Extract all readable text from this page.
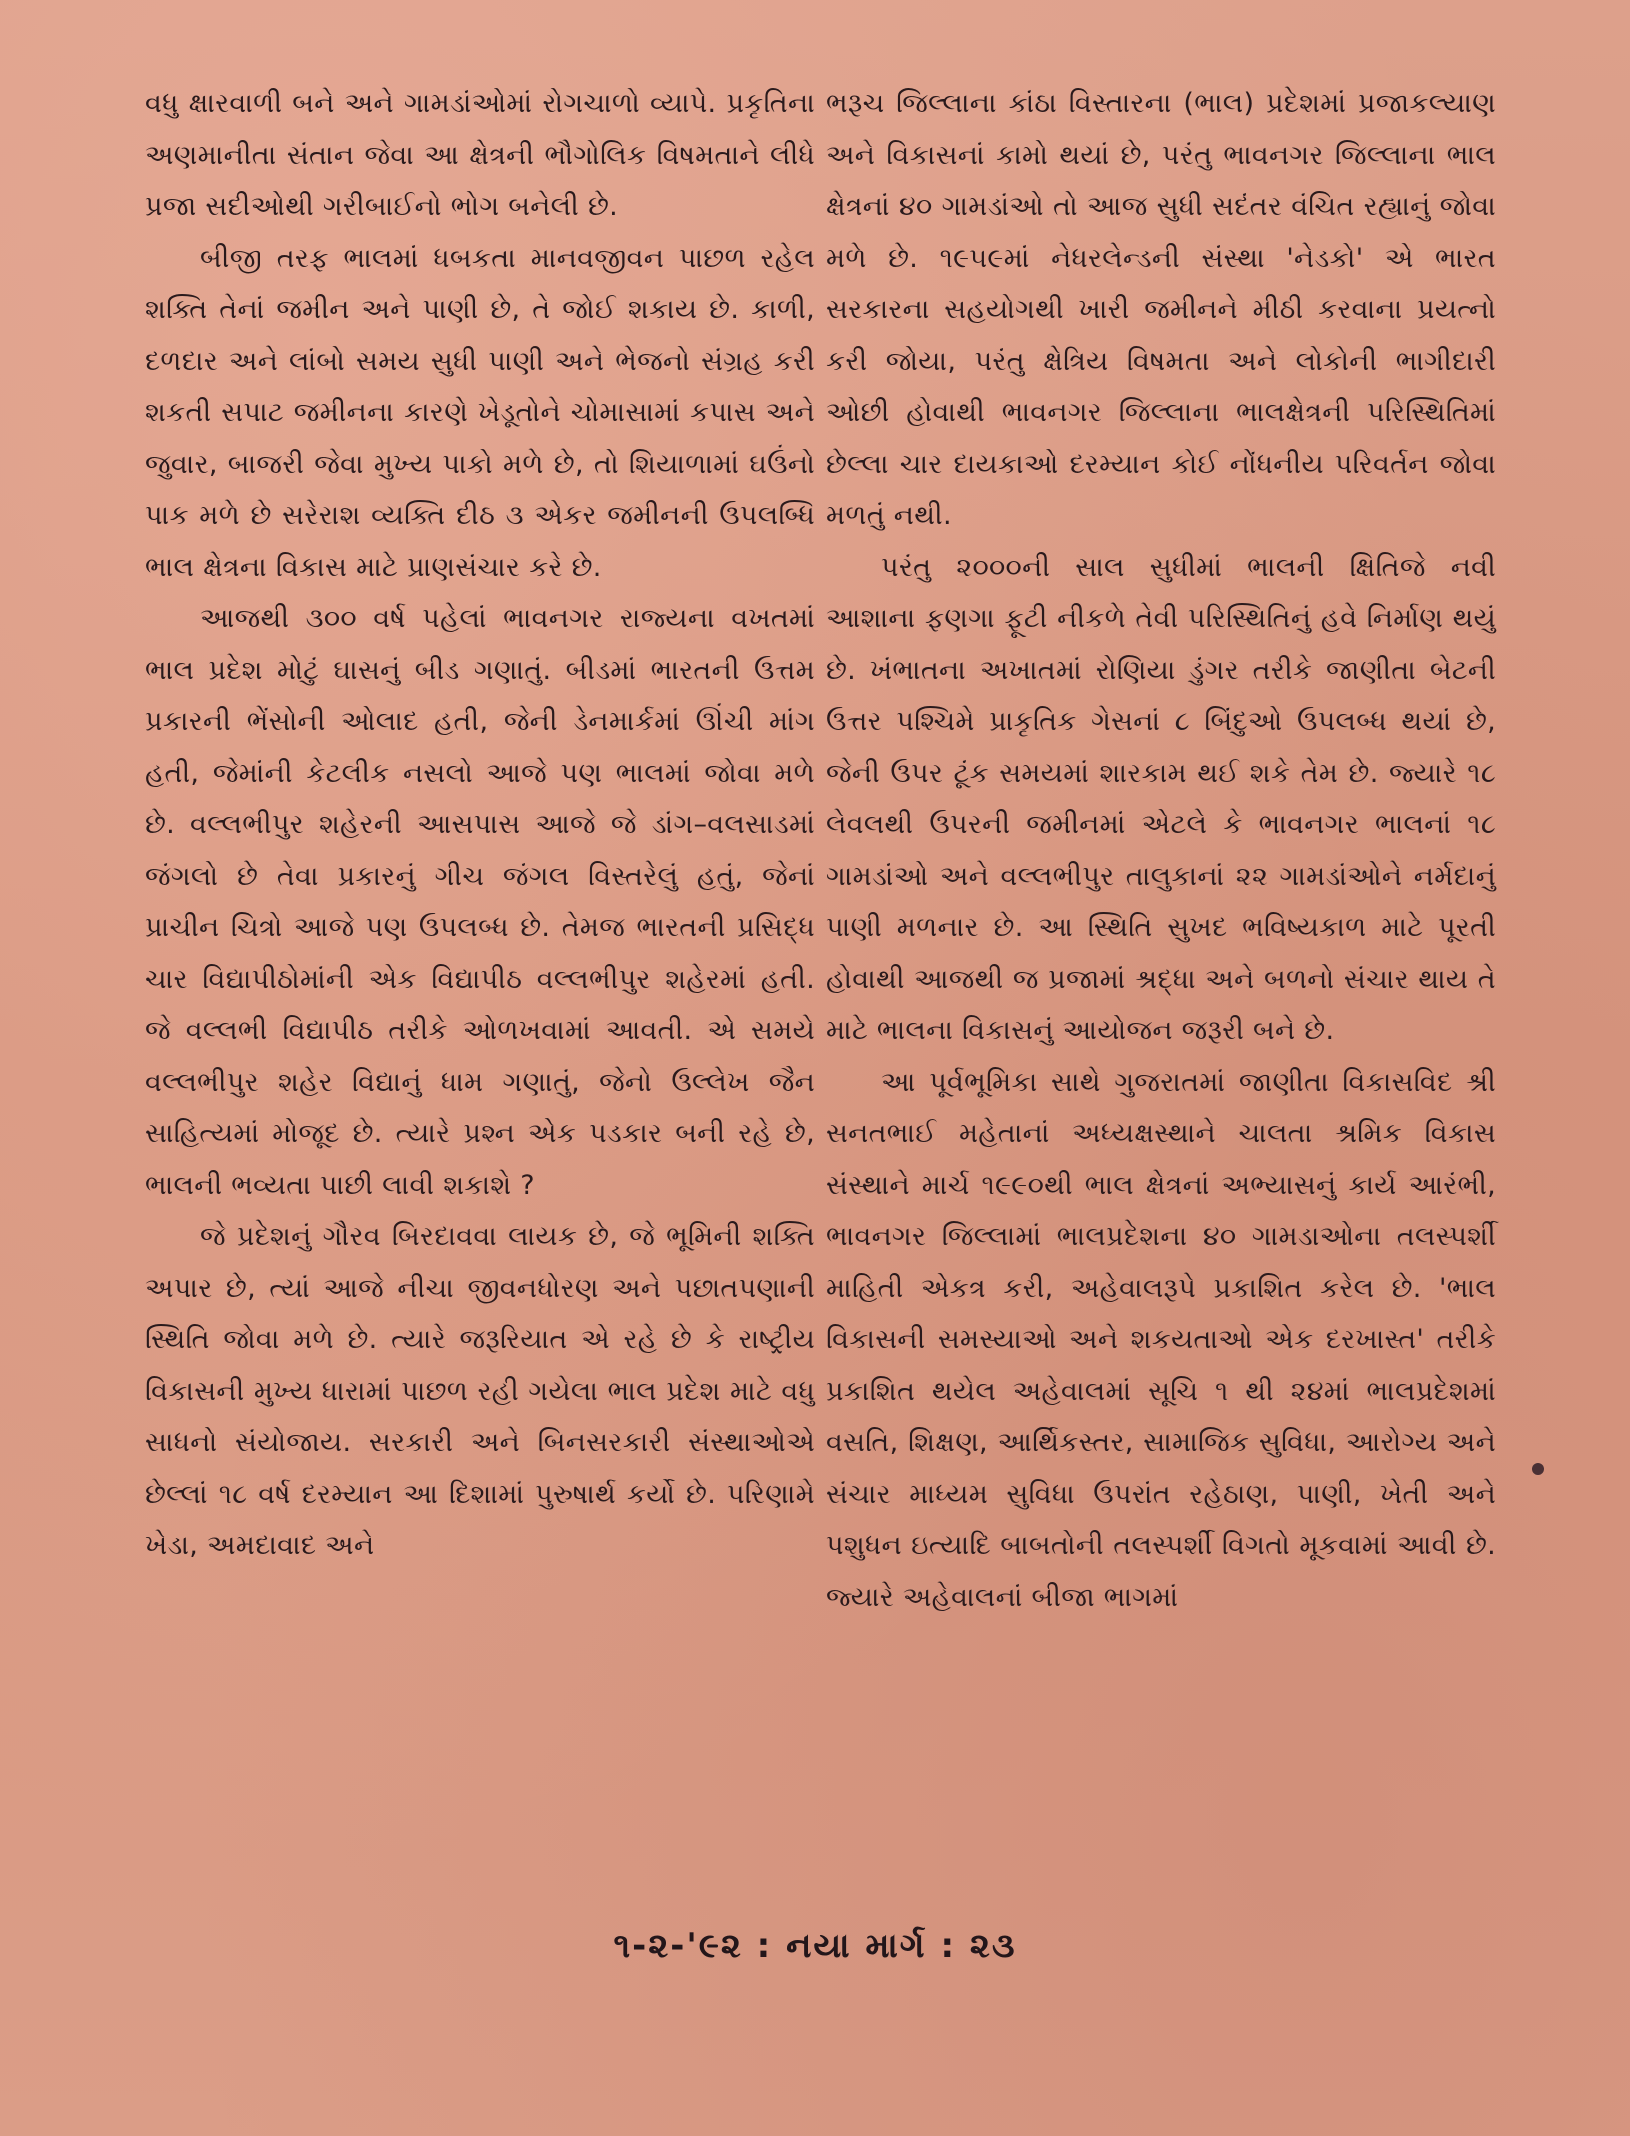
વધુ ક્ષારવાળી બને અને ગામડાંઓમાં રોગચાળો વ્યાપે. પ્રકૃતિના અણમાનીતા સંતાન જેવા આ ક્ષેત્રની ભૌગોલિક વિષમતાને લીધે પ્રજા સદીઓથી ગરીબાઈનો ભોગ બનેલી છે.

બીજી તરફ ભાલમાં ધબકતા માનવજીવન પાછળ રહેલ શક્તિ તેનાં જમીન અને પાણી છે, તે જોઈ શકાય છે. કાળી, દળદાર અને લાંબો સમય સુધી પાણી અને ભેજનો સંગ્રહ કરી શકતી સપાટ જમીનના કારણે ખેડૂતોને ચોમાસામાં કપાસ અને જુવાર, બાજરી જેવા મુખ્ય પાકો મળે છે, તો શિયાળામાં ઘઉંનો પાક મળે છે સરેરાશ વ્યક્તિ દીઠ ૩ એકર જમીનની ઉપલબ્ધિ ભાલ ક્ષેત્રના વિકાસ માટે પ્રાણસંચાર કરે છે.

આજથી ૩૦૦ વર્ષ પહેલાં ભાવનગર રાજ્યના વખતમાં ભાલ પ્રદેશ મોટું ઘાસનું બીડ ગણાતું. બીડમાં ભારતની ઉત્તમ પ્રકારની ભેંસોની ઓલાદ હતી, જેની ડેનમાર્કમાં ઊંચી માંગ હતી, જેમાંની કેટલીક નસલો આજે પણ ભાલમાં જોવા મળે છે. વલ્લભીપુર શહેરની આસપાસ આજે જે ડાંગ–વલસાડમાં જંગલો છે તેવા પ્રકારનું ગીચ જંગલ વિસ્તરેલું હતું, જેનાં પ્રાચીન ચિત્રો આજે પણ ઉપલબ્ધ છે. તેમજ ભારતની પ્રસિદ્ધ ચાર વિદ્યાપીઠોમાંની એક વિદ્યાપીઠ વલ્લભીપુર શહેરમાં હતી. જે વલ્લભી વિદ્યાપીઠ તરીકે ઓળખવામાં આવતી. એ સમયે વલ્લભીપુર શહેર વિદ્યાનું ધામ ગણાતું, જેનો ઉલ્લેખ જૈન સાહિત્યમાં મોજૂદ છે. ત્યારે પ્રશ્ન એક પડકાર બની રહે છે, ભાલની ભવ્યતા પાછી લાવી શકાશે ?

જે પ્રદેશનું ગૌરવ બિરદાવવા લાયક છે, જે ભૂમિની શક્તિ અપાર છે, ત્યાં આજે નીચા જીવનધોરણ અને પછાતપણાની સ્થિતિ જોવા મળે છે. ત્યારે જરૂરિયાત એ રહે છે કે રાષ્ટ્રીય વિકાસની મુખ્ય ધારામાં પાછળ રહી ગયેલા ભાલ પ્રદેશ માટે વધુ સાધનો સંયોજાય. સરકારી અને બિનસરકારી સંસ્થાઓએ છેલ્લાં ૧૮ વર્ષ દરમ્યાન આ દિશામાં પુરુષાર્થ કર્યો છે. પરિણામે ખેડા, અમદાવાદ અને

ભરૂચ જિલ્લાના કાંઠા વિસ્તારના (ભાલ) પ્રદેશમાં પ્રજાકલ્યાણ અને વિકાસનાં કામો થયાં છે, પરંતુ ભાવનગર જિલ્લાના ભાલ ક્ષેત્રનાં ૪૦ ગામડાંઓ તો આજ સુધી સદંતર વંચિત રહ્યાનું જોવા મળે છે. ૧૯૫૯માં નેધરલેન્ડની સંસ્થા 'નેડકો' એ ભારત સરકારના સહયોગથી ખારી જમીનને મીઠી કરવાના પ્રયત્નો કરી જોયા, પરંતુ ક્ષેત્રિય વિષમતા અને લોકોની ભાગીદારી ઓછી હોવાથી ભાવનગર જિલ્લાના ભાલક્ષેત્રની પરિસ્થિતિમાં છેલ્લા ચાર દાયકાઓ દરમ્યાન કોઈ નોંધનીય પરિવર્તન જોવા મળતું નથી.

પરંતુ ૨૦૦૦ની સાલ સુધીમાં ભાલની ક્ષિતિજે નવી આશાના ફણગા ફૂટી નીકળે તેવી પરિસ્થિતિનું હવે નિર્માણ થયું છે. ખંભાતના અખાતમાં રોણિયા ડુંગર તરીકે જાણીતા બેટની ઉત્તર પશ્ચિમે પ્રાકૃતિક ગેસનાં ૮ બિંદુઓ ઉપલબ્ધ થયાં છે, જેની ઉપર ટૂંક સમયમાં શારકામ થઈ શકે તેમ છે. જ્યારે ૧૮ લેવલથી ઉપરની જમીનમાં એટલે કે ભાવનગર ભાલનાં ૧૮ ગામડાંઓ અને વલ્લભીપુર તાલુકાનાં ૨૨ ગામડાંઓને નર્મદાનું પાણી મળનાર છે. આ સ્થિતિ સુખદ ભવિષ્યકાળ માટે પૂરતી હોવાથી આજથી જ પ્રજામાં શ્રદ્ધા અને બળનો સંચાર થાય તે માટે ભાલના વિકાસનું આયોજન જરૂરી બને છે.

આ પૂર્વભૂમિકા સાથે ગુજરાતમાં જાણીતા વિકાસવિદ શ્રી સનતભાઈ મહેતાનાં અધ્યક્ષસ્થાને ચાલતા શ્રમિક વિકાસ સંસ્થાને માર્ચ ૧૯૯૦થી ભાલ ક્ષેત્રનાં અભ્યાસનું કાર્ય આરંભી, ભાવનગર જિલ્લામાં ભાલપ્રદેશના ૪૦ ગામડાઓના તલસ્પર્શી માહિતી એકત્ર કરી, અહેવાલરૂપે પ્રકાશિત કરેલ છે. 'ભાલ વિકાસની સમસ્યાઓ અને શકયતાઓ એક દરખાસ્ત' તરીકે પ્રકાશિત થયેલ અહેવાલમાં સૂચિ ૧ થી ૨૪માં ભાલપ્રદેશમાં વસતિ, શિક્ષણ, આર્થિકસ્તર, સામાજિક સુવિધા, આરોગ્ય અને સંચાર માધ્યમ સુવિધા ઉપરાંત રહેઠાણ, પાણી, ખેતી અને પશુધન ઇત્યાદિ બાબતોની તલસ્પર્શી વિગતો મૂકવામાં આવી છે. જ્યારે અહેવાલનાં બીજા ભાગમાં

૧-૨-'૯૨ : નયા માર્ગ : ૨૩
